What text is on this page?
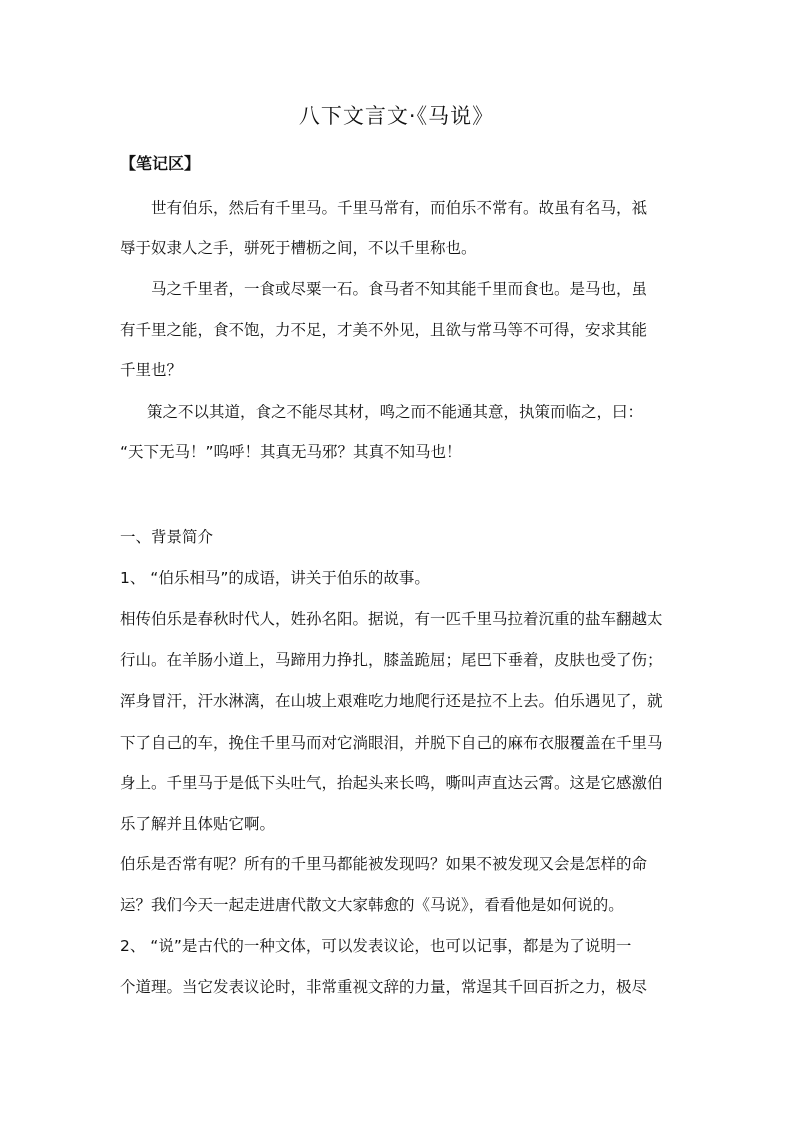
八下文言文·《马说》
【笔记区】
世有伯乐，然后有千里马。千里马常有，而伯乐不常有。故虽有名马，祗
辱于奴隶人之手，骈死于槽枥之间，不以千里称也。
马之千里者，一食或尽粟一石。食马者不知其能千里而食也。是马也，虽
有千里之能，食不饱，力不足，才美不外见，且欲与常马等不可得，安求其能
千里也？
策之不以其道，食之不能尽其材，鸣之而不能通其意，执策而临之，曰：
“天下无马！”呜呼！其真无马邪？其真不知马也！
一、背景简介
1、 “伯乐相马”的成语，讲关于伯乐的故事。
相传伯乐是春秋时代人，姓孙名阳。据说，有一匹千里马拉着沉重的盐车翻越太
行山。在羊肠小道上，马蹄用力挣扎，膝盖跪屈；尾巴下垂着，皮肤也受了伤；
浑身冒汗，汗水淋漓，在山坡上艰难吃力地爬行还是拉不上去。伯乐遇见了，就
下了自己的车，挽住千里马而对它淌眼泪，并脱下自己的麻布衣服覆盖在千里马
身上。千里马于是低下头吐气，抬起头来长鸣，嘶叫声直达云霄。这是它感激伯
乐了解并且体贴它啊。
伯乐是否常有呢？所有的千里马都能被发现吗？如果不被发现又会是怎样的命
运？我们今天一起走进唐代散文大家韩愈的《马说》，看看他是如何说的。
2、 “说”是古代的一种文体，可以发表议论，也可以记事，都是为了说明一
个道理。当它发表议论时，非常重视文辞的力量，常逞其千回百折之力，极尽
